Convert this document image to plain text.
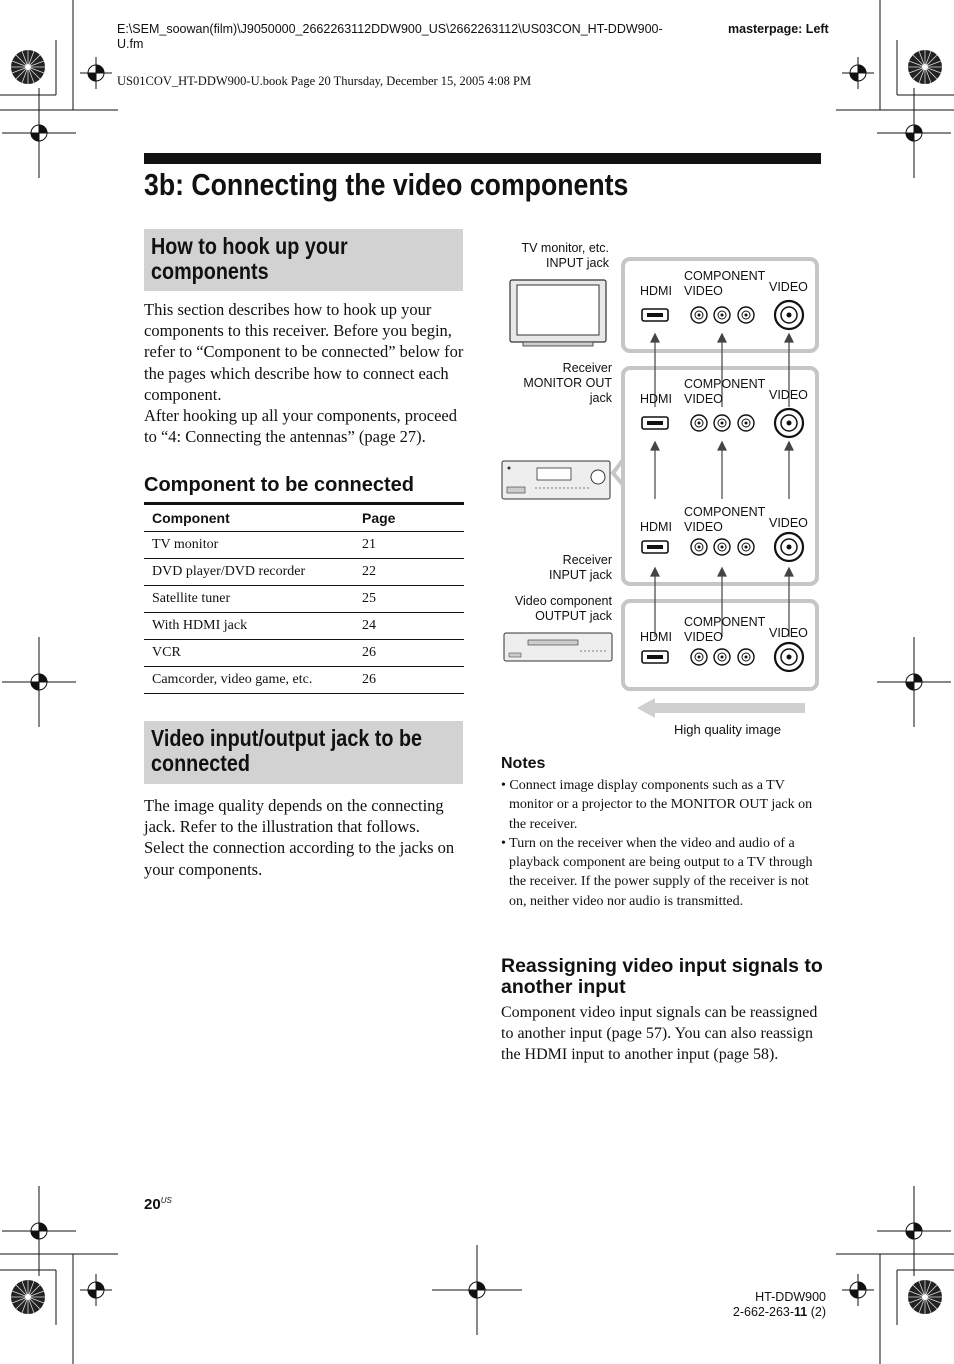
E:\SEM_soowan(film)\J9050000_2662263112DDW900_US\2662263112\US03CON_HT-DDW900-U.fm
masterpage: Left
US01COV_HT-DDW900-U.book Page 20 Thursday, December 15, 2005 4:08 PM
3b: Connecting the video components
How to hook up your components
This section describes how to hook up your components to this receiver. Before you begin, refer to “Component to be connected” below for the pages which describe how to connect each component.
After hooking up all your components, proceed to “4: Connecting the antennas” (page 27).
Component to be connected
Component	Page
TV monitor	21
DVD player/DVD recorder	22
Satellite tuner	25
With HDMI jack	24
VCR	26
Camcorder, video game, etc.	26
Video input/output jack to be connected
The image quality depends on the connecting jack. Refer to the illustration that follows. Select the connection according to the jacks on your components.
TV monitor, etc.
INPUT jack
Receiver
MONITOR OUT
jack
Receiver
INPUT jack
Video component
OUTPUT jack
HDMI
COMPONENT
VIDEO	VIDEO
HDMI
COMPONENT
VIDEO	VIDEO
HDMI
COMPONENT
VIDEO	VIDEO
HDMI
COMPONENT
VIDEO	VIDEO
High quality image
Notes
• Connect image display components such as a TV monitor or a projector to the MONITOR OUT jack on the receiver.
• Turn on the receiver when the video and audio of a playback component are being output to a TV through the receiver. If the power supply of the receiver is not on, neither video nor audio is transmitted.
Reassigning video input signals to another input
Component video input signals can be reassigned to another input (page 57). You can also reassign the HDMI input to another input (page 58).
$20^{US}$
HT-DDW900
2-662-263-11 (2)
